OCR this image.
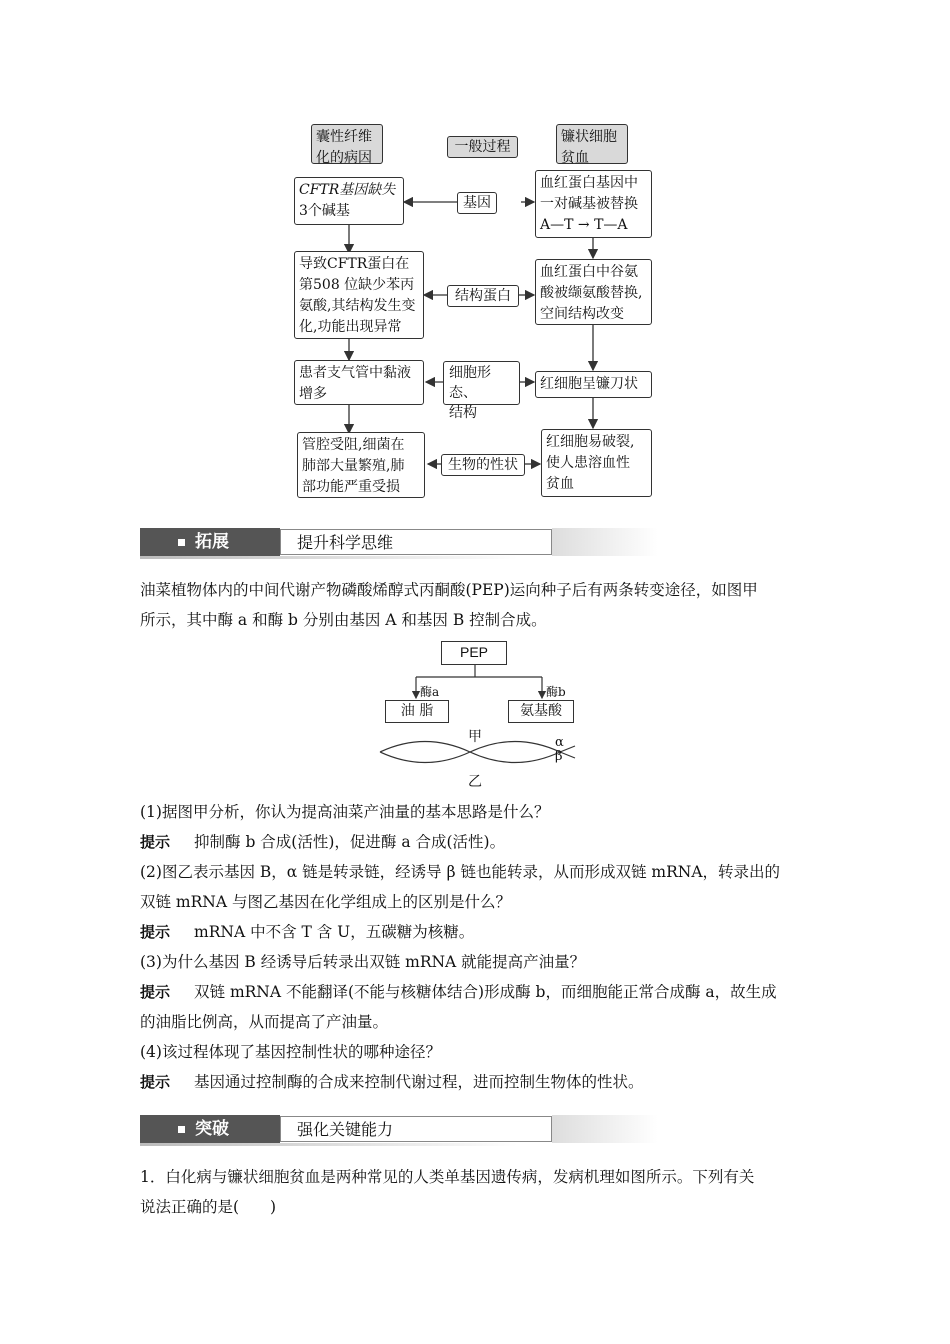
囊性纤维
化的病因
一般过程
镰状细胞
贫血
CFTR基因缺失
3个碱基
导致CFTR蛋白在
第508 位缺少苯丙
氨酸,其结构发生变
化,功能出现异常
患者支气管中黏液
增多
管腔受阻,细菌在
肺部大量繁殖,肺
部功能严重受损
血红蛋白基因中
一对碱基被替换
A—T → T—A
血红蛋白中谷氨
酸被缬氨酸替换,
空间结构改变
红细胞呈镰刀状
红细胞易破裂,
使人患溶血性
贫血
基因
结构蛋白
细胞形态、
结构
生物的性状
拓展	提升科学思维
油菜植物体内的中间代谢产物磷酸烯醇式丙酮酸(PEP)运向种子后有两条转变途径，如图甲
所示，其中酶 a 和酶 b 分别由基因 A 和基因 B 控制合成。
PEP
酶a	酶b
油 脂	氨基酸
甲	α
β
乙
(1)据图甲分析，你认为提高油菜产油量的基本思路是什么？
提示 抑制酶 b 合成(活性)，促进酶 a 合成(活性)。
(2)图乙表示基因 B，α 链是转录链，经诱导 β 链也能转录，从而形成双链 mRNA，转录出的
双链 mRNA 与图乙基因在化学组成上的区别是什么？
提示 mRNA 中不含 T 含 U，五碳糖为核糖。
(3)为什么基因 B 经诱导后转录出双链 mRNA 就能提高产油量？
提示 双链 mRNA 不能翻译(不能与核糖体结合)形成酶 b，而细胞能正常合成酶 a，故生成
的油脂比例高，从而提高了产油量。
(4)该过程体现了基因控制性状的哪种途径？
提示 基因通过控制酶的合成来控制代谢过程，进而控制生物体的性状。
突破	强化关键能力
1．白化病与镰状细胞贫血是两种常见的人类单基因遗传病，发病机理如图所示。下列有关
说法正确的是(　　)
